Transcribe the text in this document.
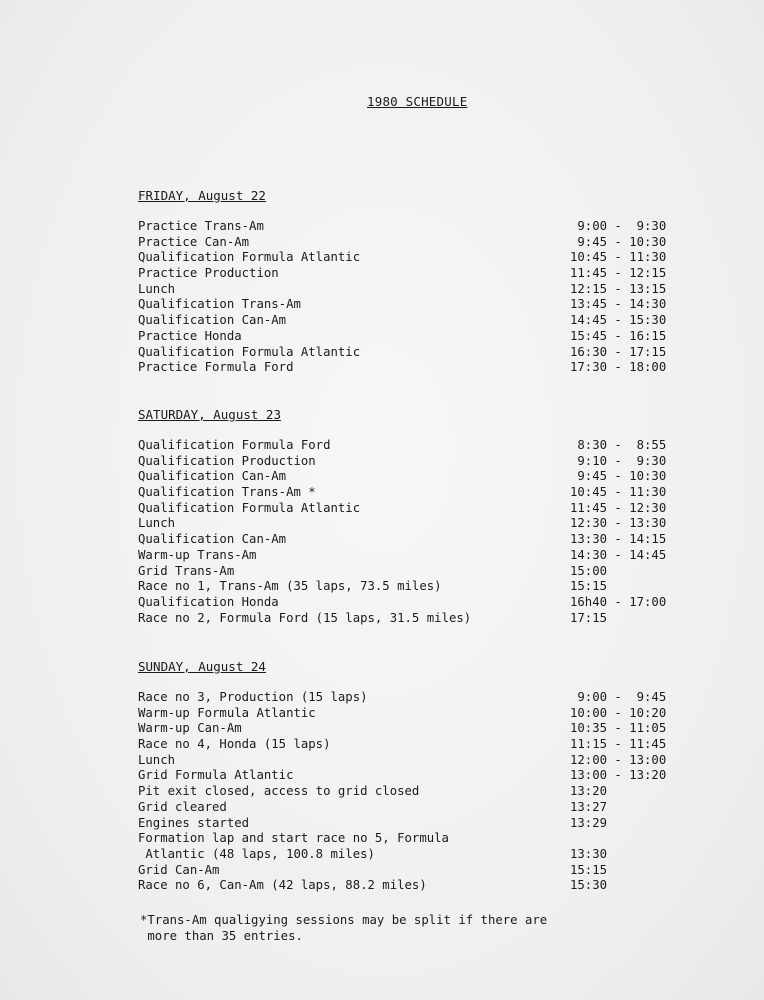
1980 SCHEDULE
FRIDAY, August 22
Practice Trans-Am	9:00 -  9:30
Practice Can-Am	9:45 - 10:30
Qualification Formula Atlantic	10:45 - 11:30
Practice Production	11:45 - 12:15
Lunch	12:15 - 13:15
Qualification Trans-Am	13:45 - 14:30
Qualification Can-Am	14:45 - 15:30
Practice Honda	15:45 - 16:15
Qualification Formula Atlantic	16:30 - 17:15
Practice Formula Ford	17:30 - 18:00
SATURDAY, August 23
Qualification Formula Ford	8:30 -  8:55
Qualification Production	9:10 -  9:30
Qualification Can-Am	9:45 - 10:30
Qualification Trans-Am *	10:45 - 11:30
Qualification Formula Atlantic	11:45 - 12:30
Lunch	12:30 - 13:30
Qualification Can-Am	13:30 - 14:15
Warm-up Trans-Am	14:30 - 14:45
Grid Trans-Am	15:00
Race no 1, Trans-Am (35 laps, 73.5 miles)	15:15
Qualification Honda	16h40 - 17:00
Race no 2, Formula Ford (15 laps, 31.5 miles)	17:15
SUNDAY, August 24
Race no 3, Production (15 laps)	9:00 -  9:45
Warm-up Formula Atlantic	10:00 - 10:20
Warm-up Can-Am	10:35 - 11:05
Race no 4, Honda (15 laps)	11:15 - 11:45
Lunch	12:00 - 13:00
Grid Formula Atlantic	13:00 - 13:20
Pit exit closed, access to grid closed	13:20
Grid cleared	13:27
Engines started	13:29
Formation lap and start race no 5, Formula
Atlantic (48 laps, 100.8 miles)	13:30
Grid Can-Am	15:15
Race no 6, Can-Am (42 laps, 88.2 miles)	15:30
*Trans-Am qualigying sessions may be split if there are
more than 35 entries.
